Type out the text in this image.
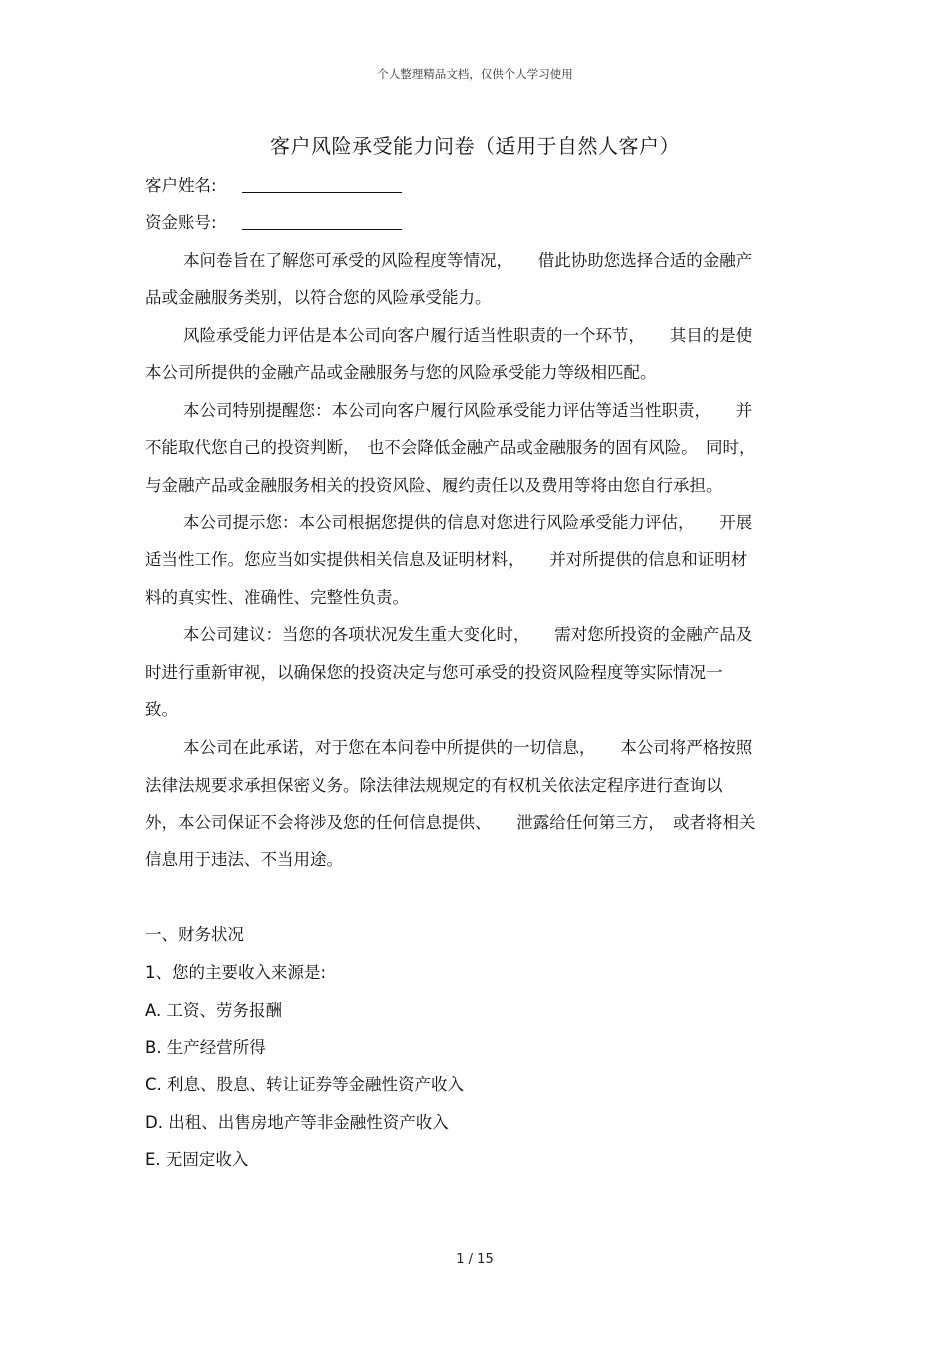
个人整理精品文档，仅供个人学习使用
客户风险承受能力问卷（适用于自然人客户）
客户姓名:
资金账号:
本问卷旨在了解您可承受的风险程度等情况，　　借此协助您选择合适的金融产
品或金融服务类别，以符合您的风险承受能力。
风险承受能力评估是本公司向客户履行适当性职责的一个环节，　　其目的是使
本公司所提供的金融产品或金融服务与您的风险承受能力等级相匹配。
本公司特别提醒您：本公司向客户履行风险承受能力评估等适当性职责，　　并
不能取代您自己的投资判断，　也不会降低金融产品或金融服务的固有风险。　同时，
与金融产品或金融服务相关的投资风险、履约责任以及费用等将由您自行承担。
本公司提示您：本公司根据您提供的信息对您进行风险承受能力评估，　　开展
适当性工作。您应当如实提供相关信息及证明材料，　　并对所提供的信息和证明材
料的真实性、准确性、完整性负责。
本公司建议：当您的各项状况发生重大变化时，　　需对您所投资的金融产品及
时进行重新审视，以确保您的投资决定与您可承受的投资风险程度等实际情况一
致。
本公司在此承诺，对于您在本问卷中所提供的一切信息，　　本公司将严格按照
法律法规要求承担保密义务。除法律法规规定的有权机关依法定程序进行查询以
外，本公司保证不会将涉及您的任何信息提供、　　泄露给任何第三方，　或者将相关
信息用于违法、不当用途。
一、财务状况
1、您的主要收入来源是:
A. 工资、劳务报酬
B. 生产经营所得
C. 利息、股息、转让证券等金融性资产收入
D. 出租、出售房地产等非金融性资产收入
E. 无固定收入
1 / 15
